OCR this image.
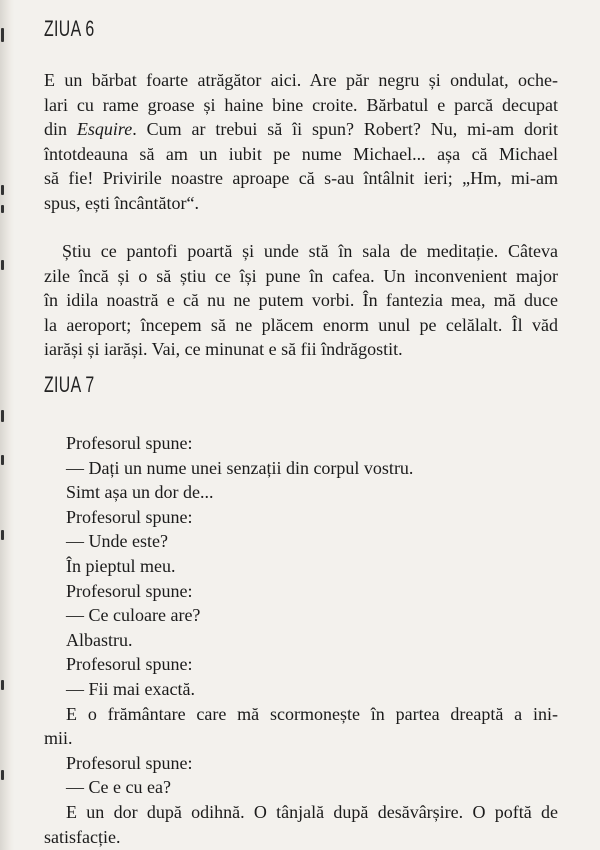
ZIUA 6
E un bărbat foarte atrăgător aici. Are păr negru și ondulat, oche-
lari cu rame groase și haine bine croite. Bărbatul e parcă decupat
din Esquire. Cum ar trebui să îi spun? Robert? Nu, mi-am dorit
întotdeauna să am un iubit pe nume Michael... așa că Michael
să fie! Privirile noastre aproape că s-au întâlnit ieri; „Hm, mi-am
spus, ești încântător“.
Știu ce pantofi poartă și unde stă în sala de meditație. Câteva
zile încă și o să știu ce își pune în cafea. Un inconvenient major
în idila noastră e că nu ne putem vorbi. În fantezia mea, mă duce
la aeroport; începem să ne plăcem enorm unul pe celălalt. Îl văd
iarăși și iarăși. Vai, ce minunat e să fii îndrăgostit.
ZIUA 7
Profesorul spune:
— Dați un nume unei senzații din corpul vostru.
Simt așa un dor de...
Profesorul spune:
— Unde este?
În pieptul meu.
Profesorul spune:
— Ce culoare are?
Albastru.
Profesorul spune:
— Fii mai exactă.
E o frământare care mă scormonește în partea dreaptă a ini-
mii.
Profesorul spune:
— Ce e cu ea?
E un dor după odihnă. O tânjală după desăvârșire. O poftă de
satisfacție.
